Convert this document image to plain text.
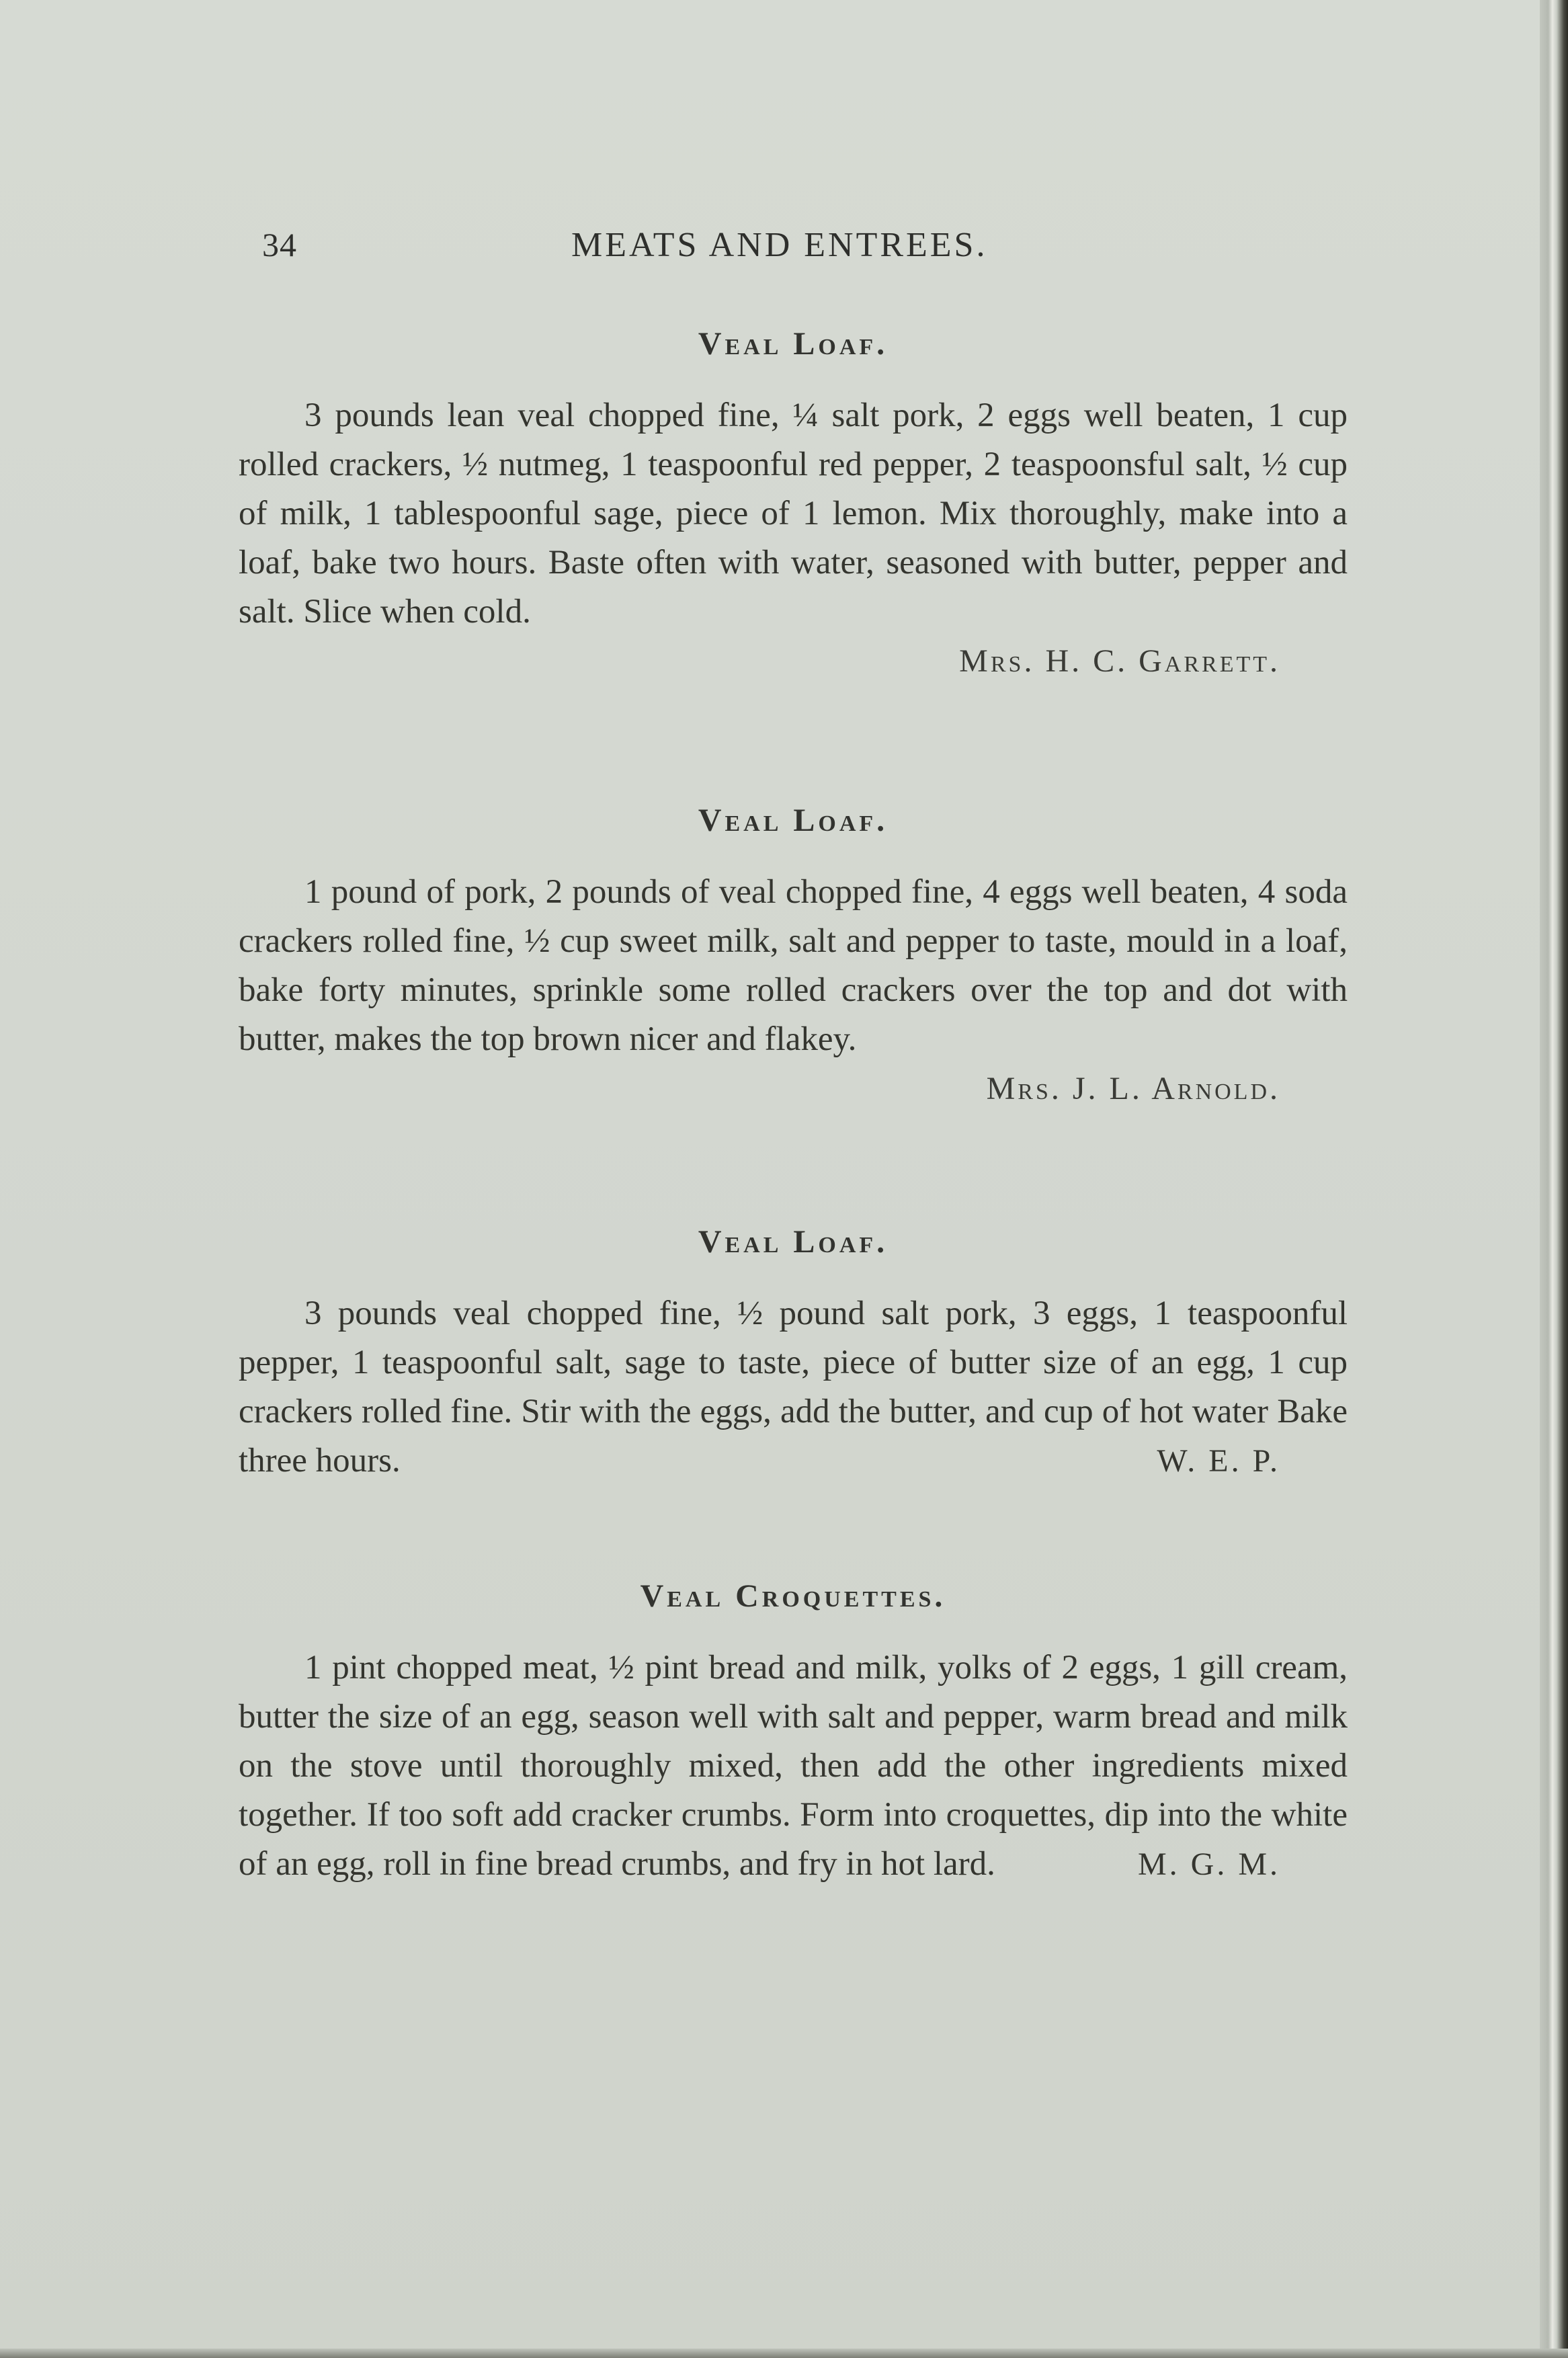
34	MEATS AND ENTREES.
Veal Loaf.
3 pounds lean veal chopped fine, ¼ salt pork, 2 eggs well beaten, 1 cup rolled crackers, ½ nutmeg, 1 teaspoonful red pepper, 2 teaspoonsful salt, ½ cup of milk, 1 tablespoonful sage, piece of 1 lemon. Mix thoroughly, make into a loaf, bake two hours. Baste often with water, seasoned with butter, pepper and salt. Slice when cold.
Mrs. H. C. Garrett.
Veal Loaf.
1 pound of pork, 2 pounds of veal chopped fine, 4 eggs well beaten, 4 soda crackers rolled fine, ½ cup sweet milk, salt and pepper to taste, mould in a loaf, bake forty minutes, sprinkle some rolled crackers over the top and dot with butter, makes the top brown nicer and flakey.
Mrs. J. L. Arnold.
Veal Loaf.
3 pounds veal chopped fine, ½ pound salt pork, 3 eggs, 1 teaspoonful pepper, 1 teaspoonful salt, sage to taste, piece of butter size of an egg, 1 cup crackers rolled fine. Stir with the eggs, add the butter, and cup of hot water Bake three hours.	W. E. P.
Veal Croquettes.
1 pint chopped meat, ½ pint bread and milk, yolks of 2 eggs, 1 gill cream, butter the size of an egg, season well with salt and pepper, warm bread and milk on the stove until thoroughly mixed, then add the other ingredients mixed together. If too soft add cracker crumbs. Form into croquettes, dip into the white of an egg, roll in fine bread crumbs, and fry in hot lard.	M. G. M.
